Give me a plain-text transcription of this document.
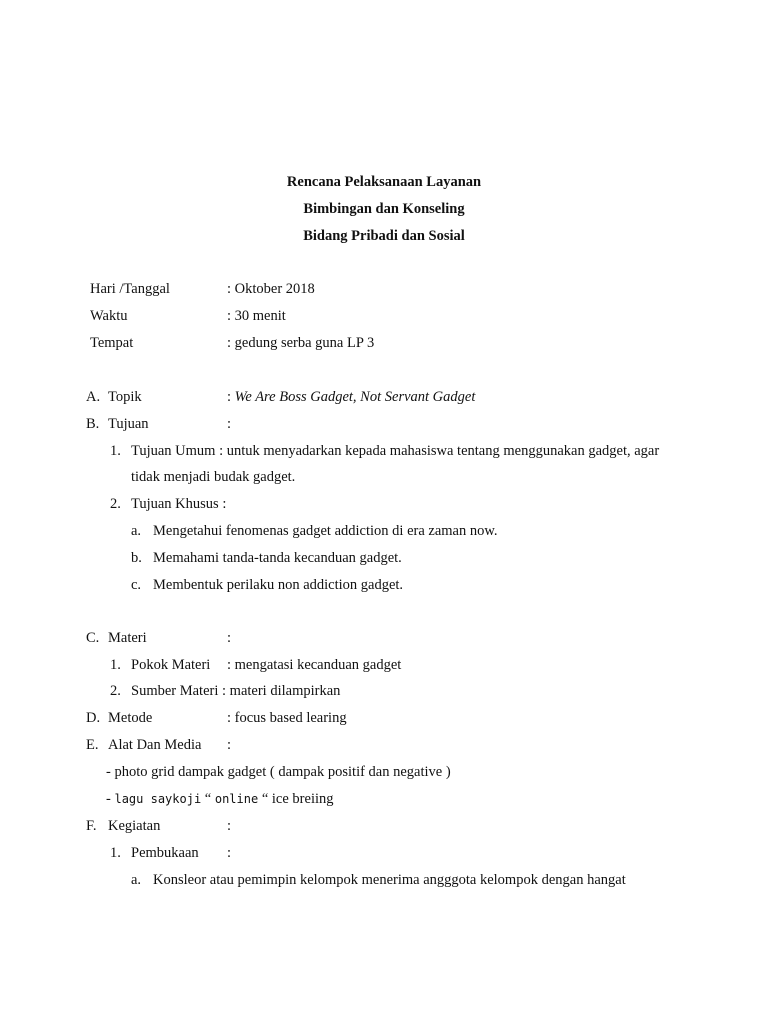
Rencana Pelaksanaan Layanan
Bimbingan dan Konseling
Bidang Pribadi dan Sosial
Hari /Tanggal	: Oktober 2018
Waktu	: 30 menit
Tempat	: gedung serba guna LP 3
A. Topik	: We Are Boss Gadget, Not Servant Gadget
B. Tujuan	:
1. Tujuan Umum : untuk menyadarkan kepada mahasiswa tentang menggunakan gadget, agar
tidak menjadi budak gadget.
2. Tujuan Khusus :
a. Mengetahui fenomenas gadget addiction di era zaman now.
b. Memahami tanda-tanda kecanduan gadget.
c. Membentuk perilaku non addiction gadget.
C. Materi	:
1. Pokok Materi : mengatasi kecanduan gadget
2. Sumber Materi : materi dilampirkan
D. Metode	: focus based learing
E. Alat Dan Media :
- photo grid dampak gadget ( dampak positif dan negative )
- lagu saykoji “ online “ ice breiing
F. Kegiatan	:
1. Pembukaan :
a. Konsleor atau pemimpin kelompok menerima angggota kelompok dengan hangat
